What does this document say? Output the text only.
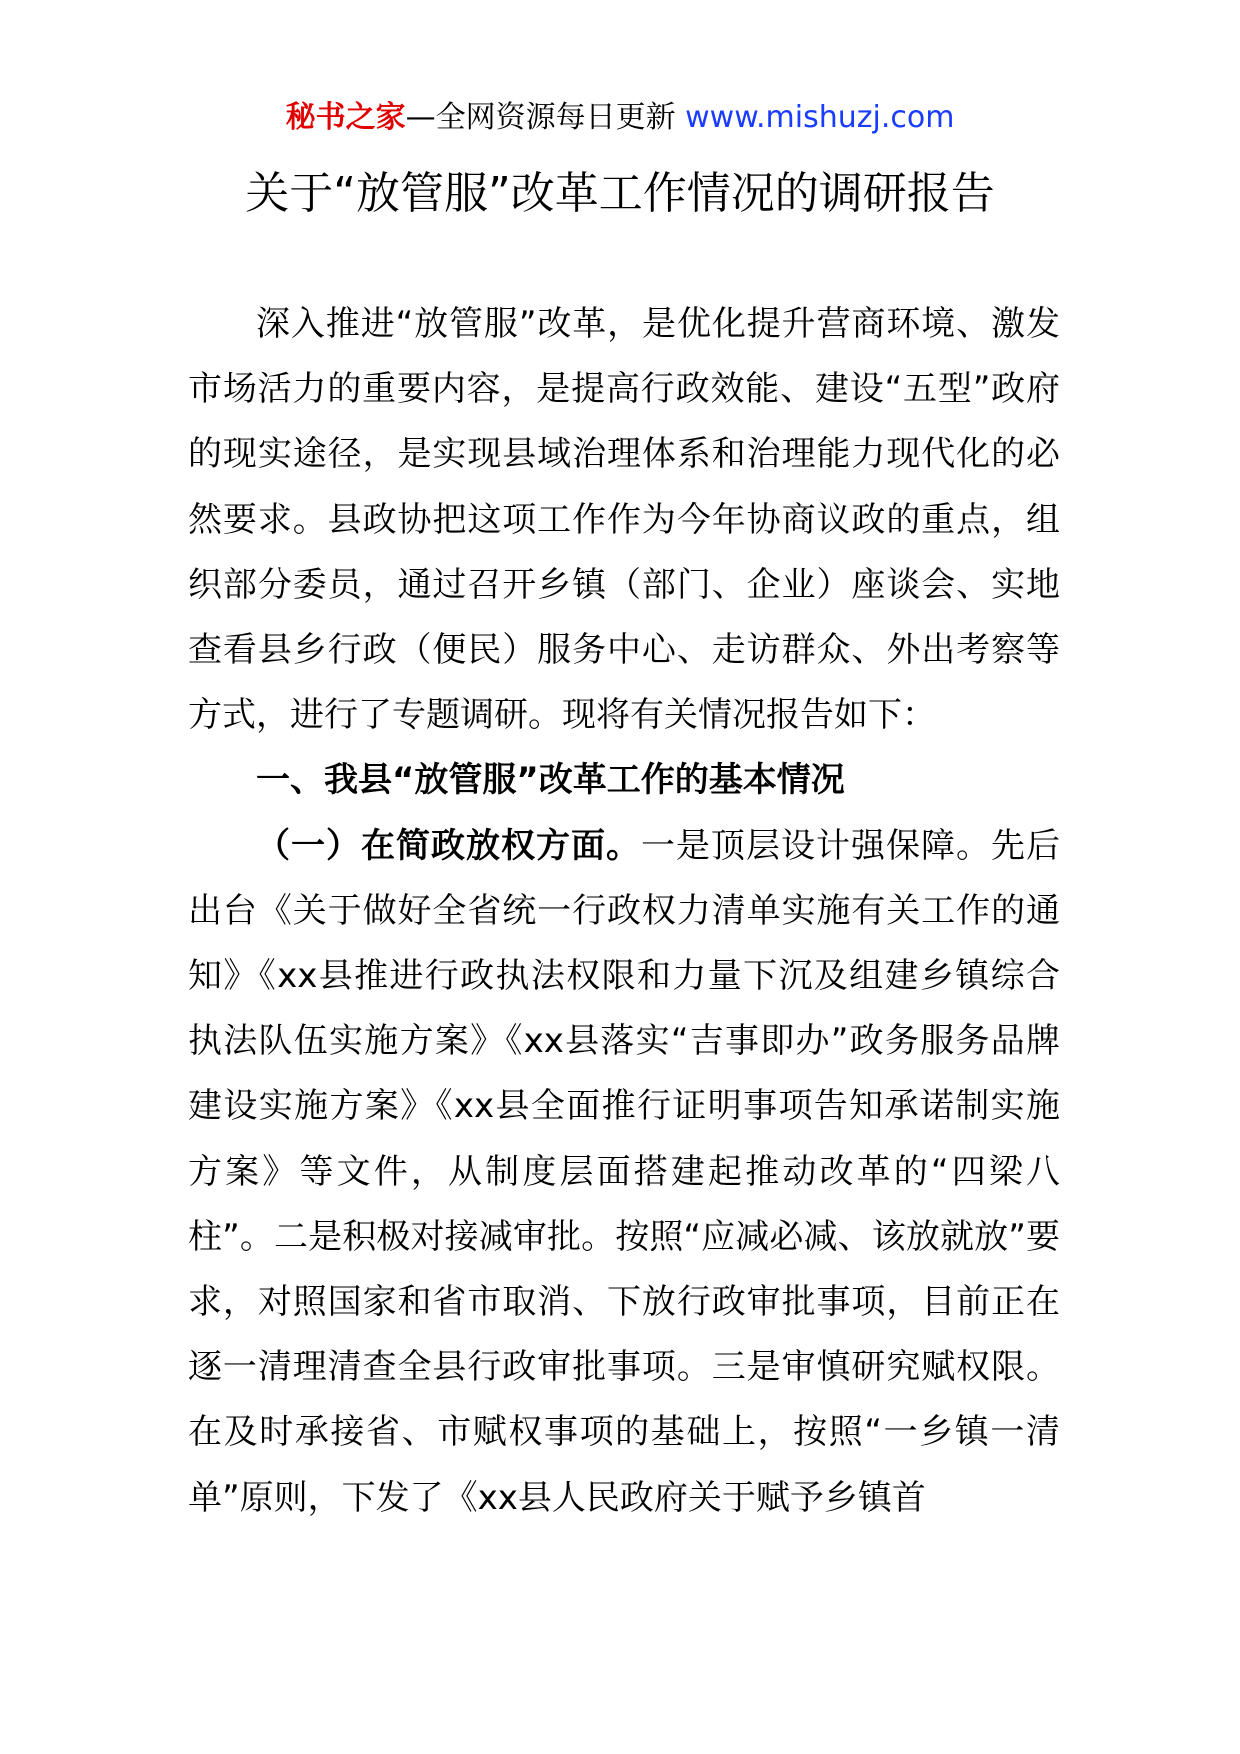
秘书之家—全网资源每日更新 www.mishuzj.com
关于“放管服”改革工作情况的调研报告

深入推进“放管服”改革，是优化提升营商环境、激发市场活力的重要内容，是提高行政效能、建设“五型”政府的现实途径，是实现县域治理体系和治理能力现代化的必然要求。县政协把这项工作作为今年协商议政的重点，组织部分委员，通过召开乡镇（部门、企业）座谈会、实地查看县乡行政（便民）服务中心、走访群众、外出考察等方式，进行了专题调研。现将有关情况报告如下：

一、我县“放管服”改革工作的基本情况

（一）在简政放权方面。一是顶层设计强保障。先后出台《关于做好全省统一行政权力清单实施有关工作的通知》《xx县推进行政执法权限和力量下沉及组建乡镇综合执法队伍实施方案》《xx县落实“吉事即办”政务服务品牌建设实施方案》《xx县全面推行证明事项告知承诺制实施方案》等文件，从制度层面搭建起推动改革的“四梁八柱”。二是积极对接减审批。按照“应减必减、该放就放”要求，对照国家和省市取消、下放行政审批事项，目前正在逐一清理清查全县行政审批事项。三是审慎研究赋权限。在及时承接省、市赋权事项的基础上，按照“一乡镇一清单”原则，下发了《xx县人民政府关于赋予乡镇首
